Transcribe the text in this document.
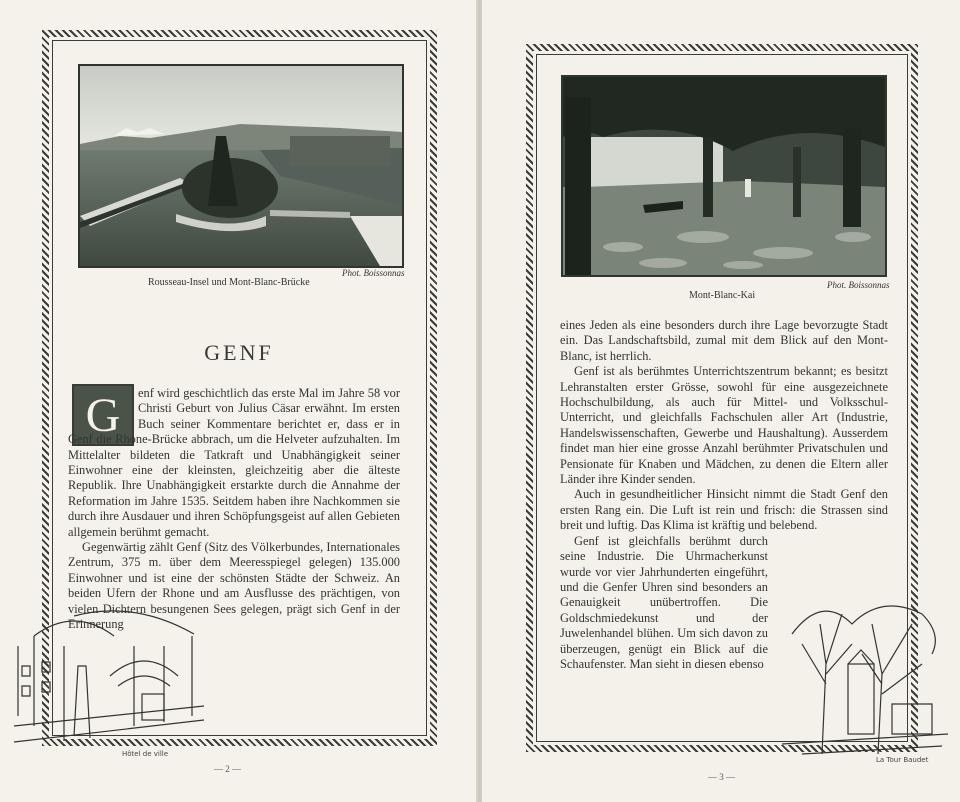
Rousseau-Insel und Mont-Blanc-Brücke
Phot. Boissonnas
GENF
G	enf wird geschichtlich das erste Mal im Jahre 58 vor Christi Geburt von Julius Cäsar erwähnt. Im ersten Buch seiner Kommentare berichtet er, dass er in Genf die Rhone-Brücke abbrach, um die Helveter aufzuhalten. Im Mittelalter bildeten die Tatkraft und Unabhängigkeit seiner Einwohner eine der kleinsten, gleichzeitig aber die älteste Republik. Ihre Unabhängigkeit erstarkte durch die Annahme der Reformation im Jahre 1535. Seitdem haben ihre Nachkommen sie durch ihre Ausdauer und ihren Schöpfungsgeist auf allen Gebieten allgemein berühmt gemacht.

Gegenwärtig zählt Genf (Sitz des Völkerbundes, Internationales Zentrum, 375 m. über dem Meeresspiegel gelegen) 135.000 Einwohner und ist eine der schönsten Städte der Schweiz. An beiden Ufern der Rhone und am Ausflusse des prächtigen, von vielen Dichtern besungenen Sees gelegen, prägt sich Genf in der Erinnerung

Hôtel de ville
— 2 —
Mont-Blanc-Kai
Phot. Boissonnas

eines Jeden als eine besonders durch ihre Lage bevorzugte Stadt ein. Das Landschaftsbild, zumal mit dem Blick auf den Mont-Blanc, ist herrlich.

Genf ist als berühmtes Unterrichtszentrum bekannt; es besitzt Lehranstalten erster Grösse, sowohl für eine ausgezeichnete Hochschulbildung, als auch für Mittel- und Volksschul-Unterricht, und gleichfalls Fachschulen aller Art (Industrie, Handelswissenschaften, Gewerbe und Haushaltung). Ausserdem findet man hier eine grosse Anzahl berühmter Privatschulen und Pensionate für Knaben und Mädchen, zu denen die Eltern aller Länder ihre Kinder senden.

Auch in gesundheitlicher Hinsicht nimmt die Stadt Genf den ersten Rang ein. Die Luft ist rein und frisch: die Strassen sind breit und luftig. Das Klima ist kräftig und belebend.

Genf ist gleichfalls berühmt durch seine Industrie. Die Uhrmacherkunst wurde vor vier Jahrhunderten eingeführt, und die Genfer Uhren sind besonders an Genauigkeit unübertroffen. Die Goldschmiedekunst und der Juwelenhandel blühen. Um sich davon zu überzeugen, genügt ein Blick auf die Schaufenster. Man sieht in diesen ebenso

La Tour Baudet
— 3 —
